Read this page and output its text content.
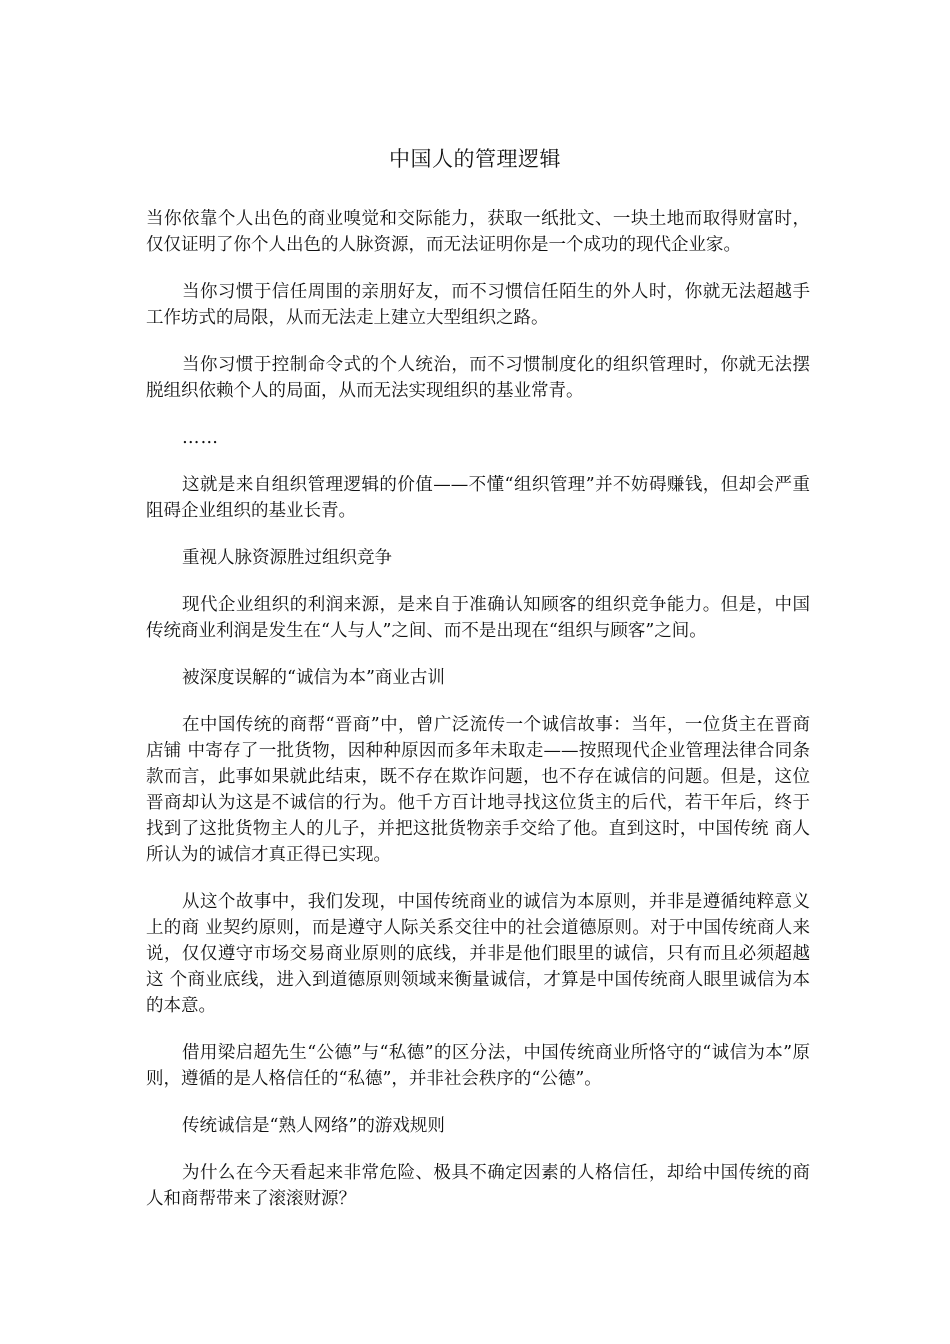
中国人的管理逻辑

当你依靠个人出色的商业嗅觉和交际能力，获取一纸批文、一块土地而取得财富时，仅仅证明了你个人出色的人脉资源，而无法证明你是一个成功的现代企业家。

当你习惯于信任周围的亲朋好友，而不习惯信任陌生的外人时，你就无法超越手工作坊式的局限，从而无法走上建立大型组织之路。

当你习惯于控制命令式的个人统治，而不习惯制度化的组织管理时，你就无法摆脱组织依赖个人的局面，从而无法实现组织的基业常青。

……

这就是来自组织管理逻辑的价值——不懂“组织管理”并不妨碍赚钱，但却会严重阻碍企业组织的基业长青。

重视人脉资源胜过组织竞争

现代企业组织的利润来源，是来自于准确认知顾客的组织竞争能力。但是，中国传统商业利润是发生在“人与人”之间、而不是出现在“组织与顾客”之间。

被深度误解的“诚信为本”商业古训

在中国传统的商帮“晋商”中，曾广泛流传一个诚信故事：当年，一位货主在晋商店铺 中寄存了一批货物，因种种原因而多年未取走——按照现代企业管理法律合同条款而言，此事如果就此结束，既不存在欺诈问题，也不存在诚信的问题。但是，这位 晋商却认为这是不诚信的行为。他千方百计地寻找这位货主的后代，若干年后，终于找到了这批货物主人的儿子，并把这批货物亲手交给了他。直到这时，中国传统 商人所认为的诚信才真正得已实现。

从这个故事中，我们发现，中国传统商业的诚信为本原则，并非是遵循纯粹意义上的商 业契约原则，而是遵守人际关系交往中的社会道德原则。对于中国传统商人来说，仅仅遵守市场交易商业原则的底线，并非是他们眼里的诚信，只有而且必须超越这 个商业底线，进入到道德原则领域来衡量诚信，才算是中国传统商人眼里诚信为本的本意。

借用梁启超先生“公德”与“私德”的区分法，中国传统商业所恪守的“诚信为本”原则，遵循的是人格信任的“私德”，并非社会秩序的“公德”。

传统诚信是“熟人网络”的游戏规则

为什么在今天看起来非常危险、极具不确定因素的人格信任，却给中国传统的商人和商帮带来了滚滚财源？
